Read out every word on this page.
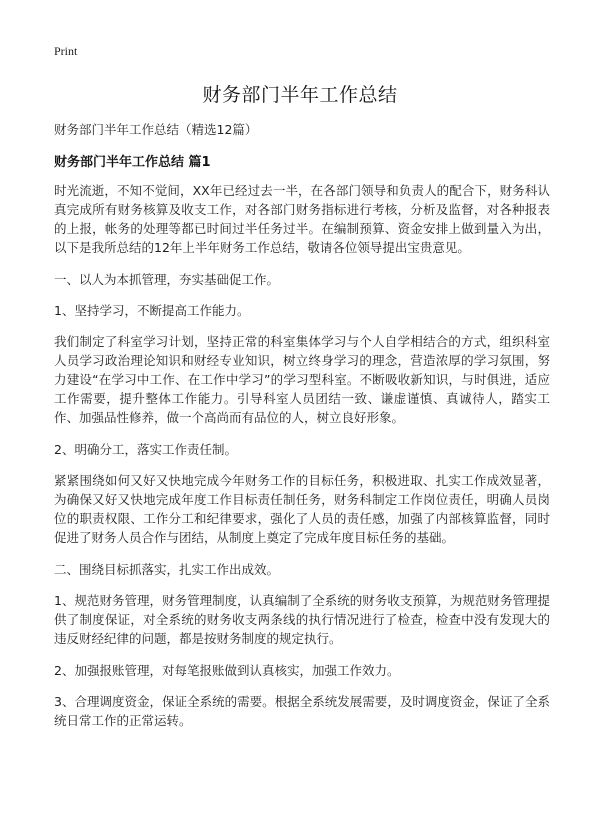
Print
财务部门半年工作总结
财务部门半年工作总结（精选12篇）
财务部门半年工作总结 篇1

时光流逝，不知不觉间，XX年已经过去一半，在各部门领导和负责人的配合下，财务科认真完成所有财务核算及收支工作，对各部门财务指标进行考核，分析及监督，对各种报表的上报，帐务的处理等都已时间过半任务过半。在编制预算、资金安排上做到量入为出，以下是我所总结的12年上半年财务工作总结，敬请各位领导提出宝贵意见。

一、以人为本抓管理，夯实基础促工作。

1、坚持学习，不断提高工作能力。

我们制定了科室学习计划，坚持正常的科室集体学习与个人自学相结合的方式，组织科室人员学习政治理论知识和财经专业知识，树立终身学习的理念，营造浓厚的学习氛围，努力建设“在学习中工作、在工作中学习”的学习型科室。不断吸收新知识，与时俱进，适应工作需要，提升整体工作能力。引导科室人员团结一致、谦虚谨慎、真诚待人，踏实工作、加强品性修养，做一个高尚而有品位的人，树立良好形象。

2、明确分工，落实工作责任制。

紧紧围绕如何又好又快地完成今年财务工作的目标任务，积极进取、扎实工作成效显著，为确保又好又快地完成年度工作目标责任制任务，财务科制定工作岗位责任，明确人员岗位的职责权限、工作分工和纪律要求，强化了人员的责任感，加强了内部核算监督，同时促进了财务人员合作与团结，从制度上奠定了完成年度目标任务的基础。

二、围绕目标抓落实，扎实工作出成效。

1、规范财务管理，财务管理制度，认真编制了全系统的财务收支预算，为规范财务管理提供了制度保证，对全系统的财务收支两条线的执行情况进行了检查，检查中没有发现大的违反财经纪律的问题，都是按财务制度的规定执行。

2、加强报账管理，对每笔报账做到认真核实，加强工作效力。

3、合理调度资金，保证全系统的需要。根据全系统发展需要，及时调度资金，保证了全系统日常工作的正常运转。
